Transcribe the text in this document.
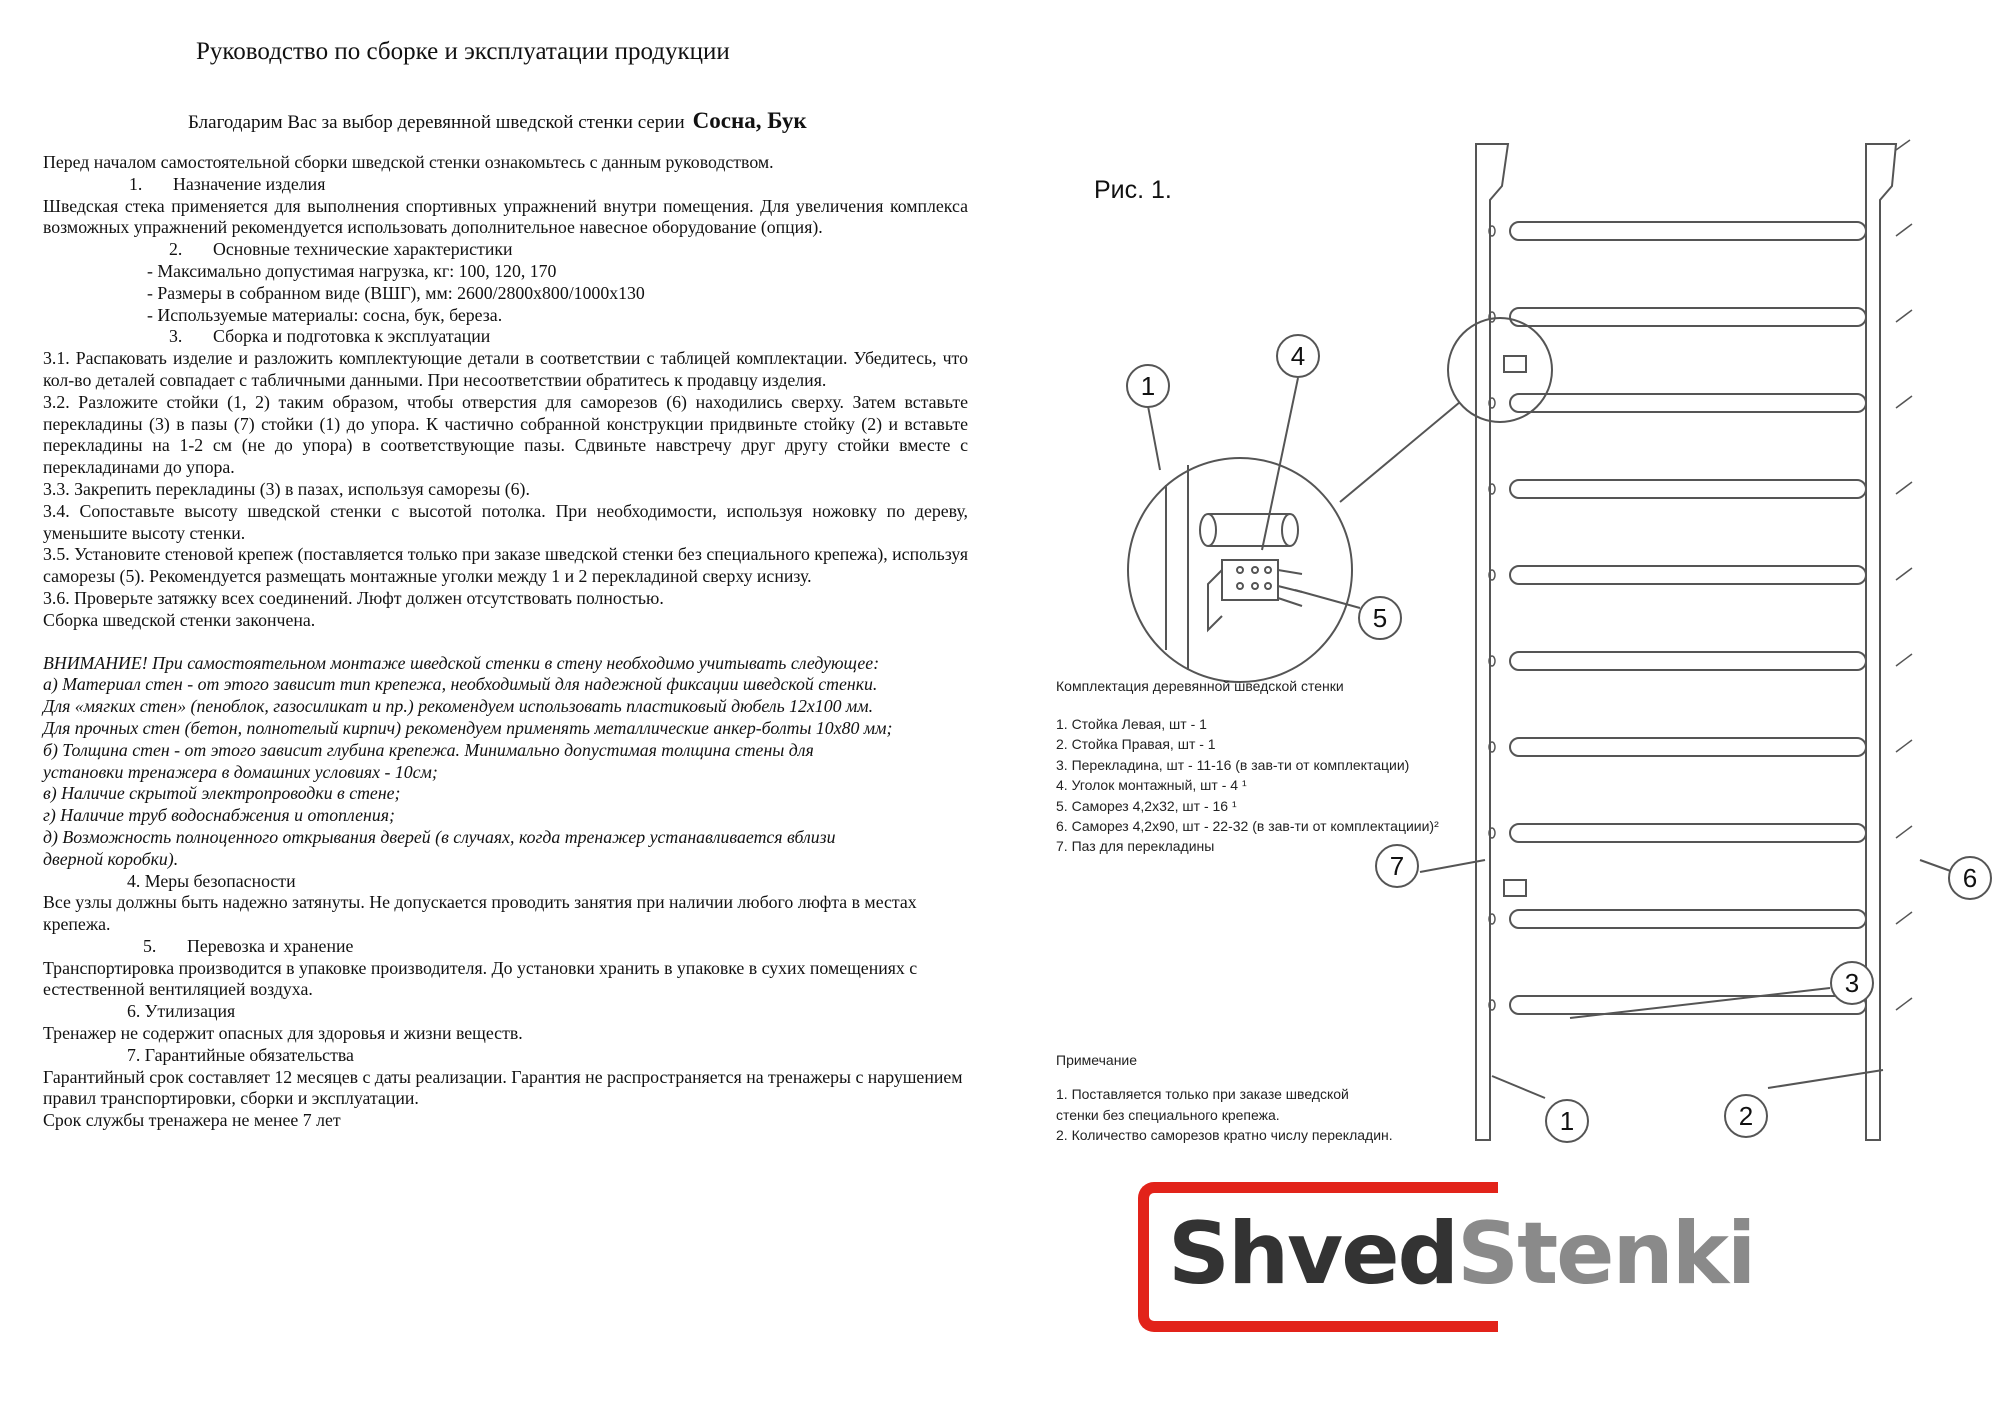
Руководство по сборке и эксплуатации продукции
Благодарим Вас за выбор деревянной шведской стенки серии Сосна, Бук

Перед началом самостоятельной сборки шведской стенки ознакомьтесь с данным руководством.

1. Назначение изделия

Шведская стека применяется для выполнения спортивных упражнений внутри помещения. Для увеличения комплекса возможных упражнений рекомендуется использовать дополнительное навесное оборудование (опция).

2. Основные технические характеристики

- Максимально допустимая нагрузка, кг: 100, 120, 170

- Размеры в собранном виде (ВШГ), мм: 2600/2800х800/1000х130

- Используемые материалы: сосна, бук, береза.

3. Сборка и подготовка к эксплуатации

3.1. Распаковать изделие и разложить комплектующие детали в соответствии с таблицей комплектации. Убедитесь, что кол-во деталей совпадает с табличными данными. При несоответствии обратитесь к продавцу изделия.

3.2. Разложите стойки (1, 2) таким образом, чтобы отверстия для саморезов (6) находились сверху. Затем вставьте перекладины (3) в пазы (7) стойки (1) до упора. К частично собранной конструкции придвиньте стойку (2) и вставьте перекладины на 1-2 см (не до упора) в соответствующие пазы. Сдвиньте навстречу друг другу стойки вместе с перекладинами до упора.

3.3. Закрепить перекладины (3) в пазах, используя саморезы (6).

3.4. Сопоставьте высоту шведской стенки с высотой потолка. При необходимости, используя ножовку по дереву, уменьшите высоту стенки.

3.5. Установите стеновой крепеж (поставляется только при заказе шведской стенки без специального крепежа), используя саморезы (5). Рекомендуется размещать монтажные уголки между 1 и 2 перекладиной сверху иснизу.

3.6. Проверьте затяжку всех соединений. Люфт должен отсутствовать полностью.

Сборка шведской стенки закончена.

ВНИМАНИЕ! При самостоятельном монтаже шведской стенки в стену необходимо учитывать следующее:

а) Материал стен - от этого зависит тип крепежа, необходимый для надежной фиксации шведской стенки.

Для «мягких стен» (пеноблок, газосиликат и пр.) рекомендуем использовать пластиковый дюбель 12х100 мм.

Для прочных стен (бетон, полнотелый кирпич) рекомендуем применять металлические анкер-болты 10х80 мм;

б) Толщина стен - от этого зависит глубина крепежа. Минимально допустимая толщина стены для

установки тренажера в домашних условиях - 10см;

в) Наличие скрытой электропроводки в стене;

г) Наличие труб водоснабжения и отопления;

д) Возможность полноценного открывания дверей (в случаях, когда тренажер устанавливается вблизи

дверной коробки).

4. Меры безопасности

Все узлы должны быть надежно затянуты. Не допускается проводить занятия при наличии любого люфта в местах крепежа.

5. Перевозка и хранение

Транспортировка производится в упаковке производителя. До установки хранить в упаковке в сухих помещениях с естественной вентиляцией воздуха.

6. Утилизация

Тренажер не содержит опасных для здоровья и жизни веществ.

7. Гарантийные обязательства

Гарантийный срок составляет 12 месяцев с даты реализации. Гарантия не распространяется на тренажеры с нарушением правил транспортировки, сборки и эксплуатации.

Срок службы тренажера не менее 7 лет

Рис. 1.
1
4
5
7
3
6
1	2
Комплектация деревянной шведской стенки
1. Стойка Левая, шт - 1
2. Стойка Правая, шт - 1
3. Перекладина, шт - 11-16 (в зав-ти от комплектации)
4. Уголок монтажный, шт - 4 ¹
5. Саморез 4,2х32, шт - 16 ¹
6. Саморез 4,2х90, шт - 22-32 (в зав-ти от комплектациии)²
7. Паз для перекладины
Примечание
1. Поставляется только при заказе шведской
стенки без специального крепежа.
2. Количество саморезов кратно числу перекладин.
ShvedStenki
